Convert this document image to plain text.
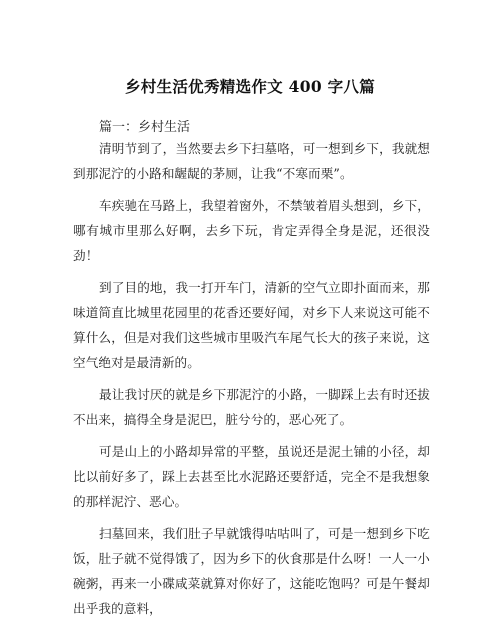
乡村生活优秀精选作文 400 字八篇
篇一：乡村生活

清明节到了，当然要去乡下扫墓咯，可一想到乡下，我就想到那泥泞的小路和龌龊的茅厕，让我“不寒而栗”。

车疾驰在马路上，我望着窗外，不禁皱着眉头想到，乡下，哪有城市里那么好啊，去乡下玩，肯定弄得全身是泥，还很没劲！

到了目的地，我一打开车门，清新的空气立即扑面而来，那味道简直比城里花园里的花香还要好闻，对乡下人来说这可能不算什么，但是对我们这些城市里吸汽车尾气长大的孩子来说，这空气绝对是最清新的。

最让我讨厌的就是乡下那泥泞的小路，一脚踩上去有时还拔不出来，搞得全身是泥巴，脏兮兮的，恶心死了。

可是山上的小路却异常的平整，虽说还是泥土铺的小径，却比以前好多了，踩上去甚至比水泥路还要舒适，完全不是我想象的那样泥泞、恶心。

扫墓回来，我们肚子早就饿得咕咕叫了，可是一想到乡下吃饭，肚子就不觉得饿了，因为乡下的伙食那是什么呀！一人一小碗粥，再来一小碟咸菜就算对你好了，这能吃饱吗？可是午餐却出乎我的意料，
